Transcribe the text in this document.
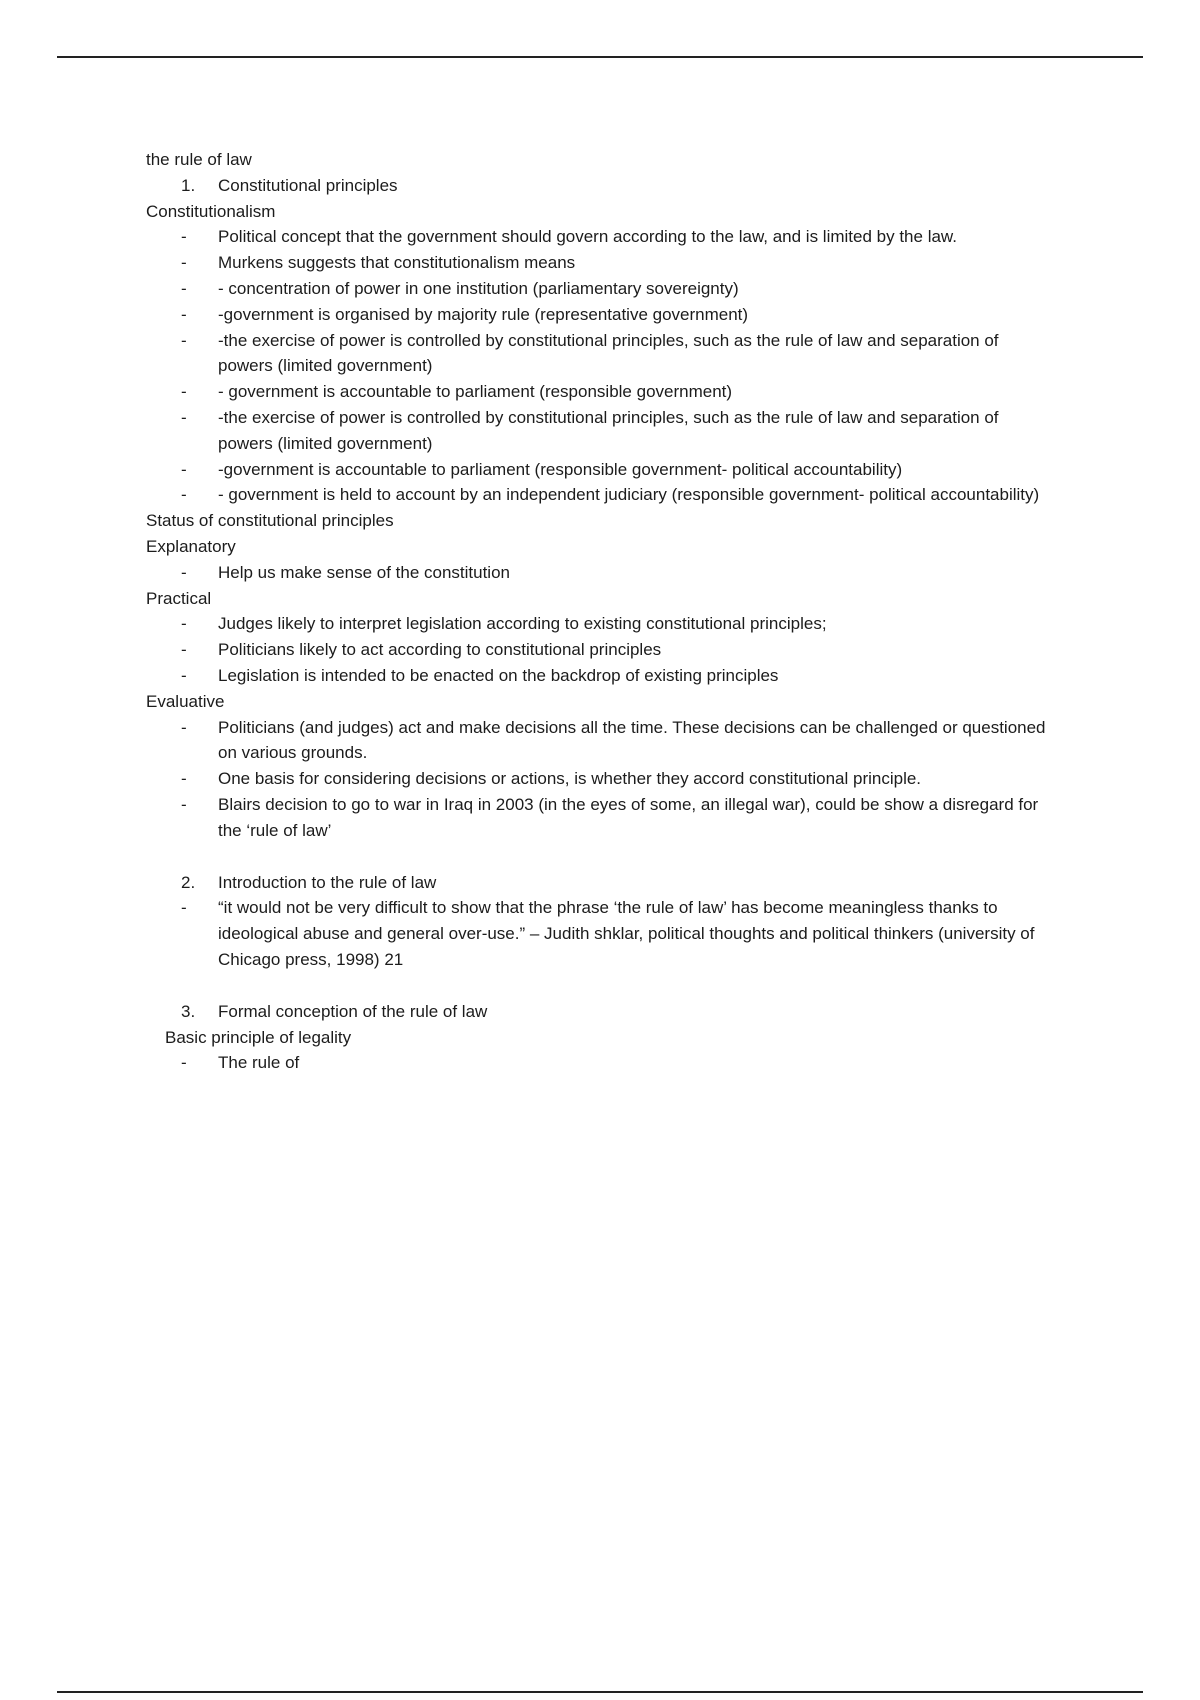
the rule of law
1. Constitutional principles
Constitutionalism
- Political concept that the government should govern according to the law, and is limited by the law.
- Murkens suggests that constitutionalism means
- - concentration of power in one institution (parliamentary sovereignty)
- -government is organised by majority rule (representative government)
- -the exercise of power is controlled by constitutional principles, such as the rule of law and separation of powers (limited government)
- - government is accountable to parliament (responsible government)
- -the exercise of power is controlled by constitutional principles, such as the rule of law and separation of powers (limited government)
- -government is accountable to parliament (responsible government- political accountability)
- - government is held to account by an independent judiciary (responsible government- political accountability)
Status of constitutional principles
Explanatory
- Help us make sense of the constitution
Practical
- Judges likely to interpret legislation according to existing constitutional principles;
- Politicians likely to act according to constitutional principles
- Legislation is intended to be enacted on the backdrop of existing principles
Evaluative
- Politicians (and judges) act and make decisions all the time. These decisions can be challenged or questioned on various grounds.
- One basis for considering decisions or actions, is whether they accord constitutional principle.
- Blairs decision to go to war in Iraq in 2003 (in the eyes of some, an illegal war), could be show a disregard for the ‘rule of law’
2. Introduction to the rule of law
- “it would not be very difficult to show that the phrase ‘the rule of law’ has become meaningless thanks to ideological abuse and general over-use.” – Judith shklar, political thoughts and political thinkers (university of Chicago press, 1998) 21
3. Formal conception of the rule of law
Basic principle of legality
- The rule of
